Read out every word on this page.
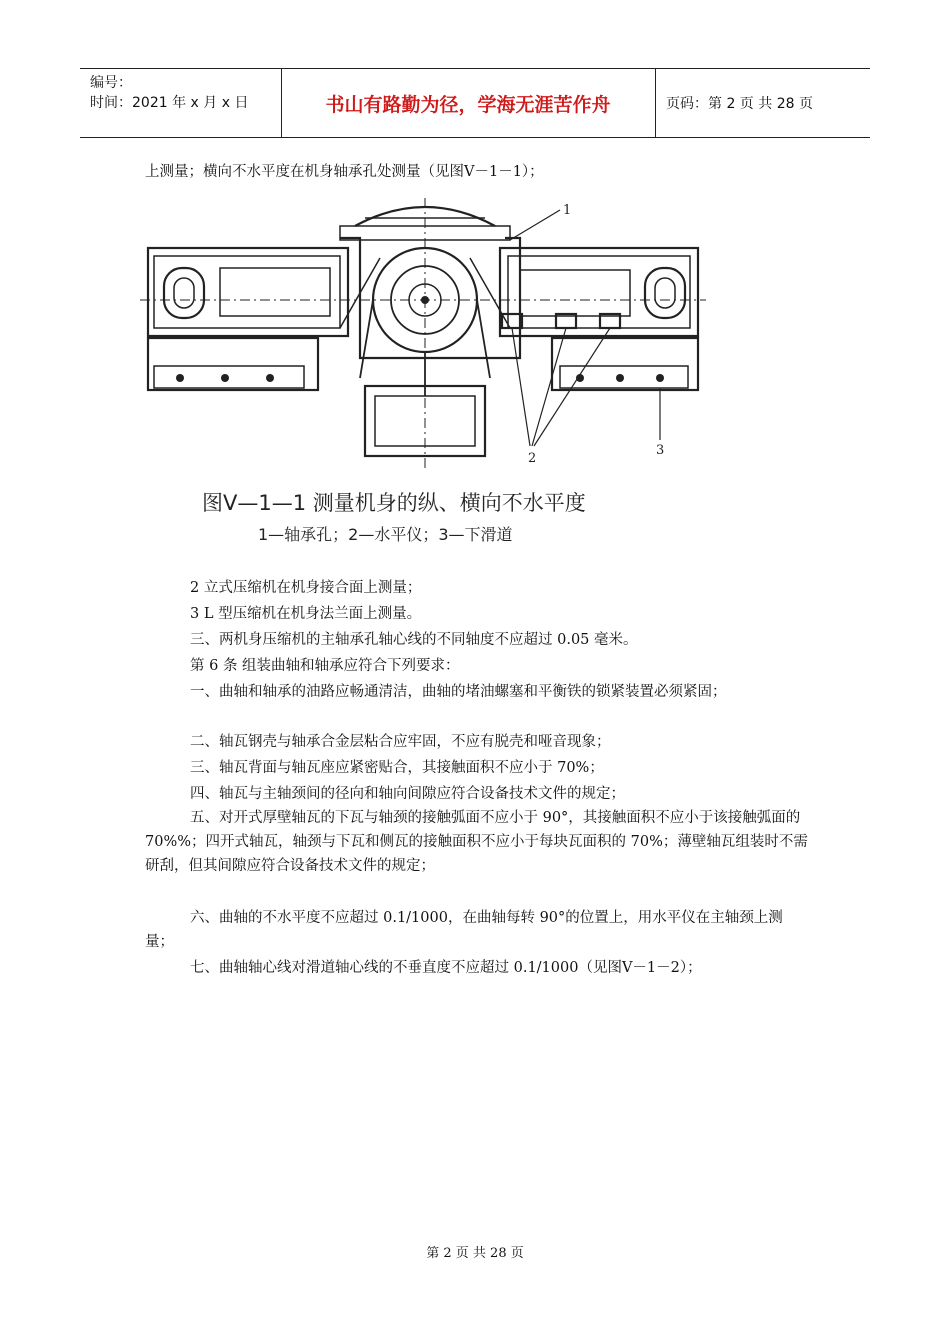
编号：
时间：2021 年 x 月 x 日	书山有路勤为径，学海无涯苦作舟	页码：第 2 页 共 28 页
上测量；横向不水平度在机身轴承孔处测量（见图Ⅴ－1－1）；
1
2
3
图Ⅴ—1—1 测量机身的纵、横向不水平度
1—轴承孔；2—水平仪；3—下滑道
2 立式压缩机在机身接合面上测量；
3 L 型压缩机在机身法兰面上测量。
三、两机身压缩机的主轴承孔轴心线的不同轴度不应超过 0.05 毫米。
第 6 条 组装曲轴和轴承应符合下列要求：
一、曲轴和轴承的油路应畅通清洁，曲轴的堵油螺塞和平衡铁的锁紧装置必须紧固；
二、轴瓦钢壳与轴承合金层粘合应牢固，不应有脱壳和哑音现象；
三、轴瓦背面与轴瓦座应紧密贴合，其接触面积不应小于 70%；
四、轴瓦与主轴颈间的径向和轴向间隙应符合设备技术文件的规定；
五、对开式厚壁轴瓦的下瓦与轴颈的接触弧面不应小于 90°，其接触面积不应小于该接触弧面的 70%%；四开式轴瓦，轴颈与下瓦和侧瓦的接触面积不应小于每块瓦面积的 70%；薄壁轴瓦组装时不需研刮，但其间隙应符合设备技术文件的规定；
六、曲轴的不水平度不应超过 0.1/1000，在曲轴每转 90°的位置上，用水平仪在主轴颈上测量；
七、曲轴轴心线对滑道轴心线的不垂直度不应超过 0.1/1000（见图Ⅴ－1－2）；
第 2 页 共 28 页
